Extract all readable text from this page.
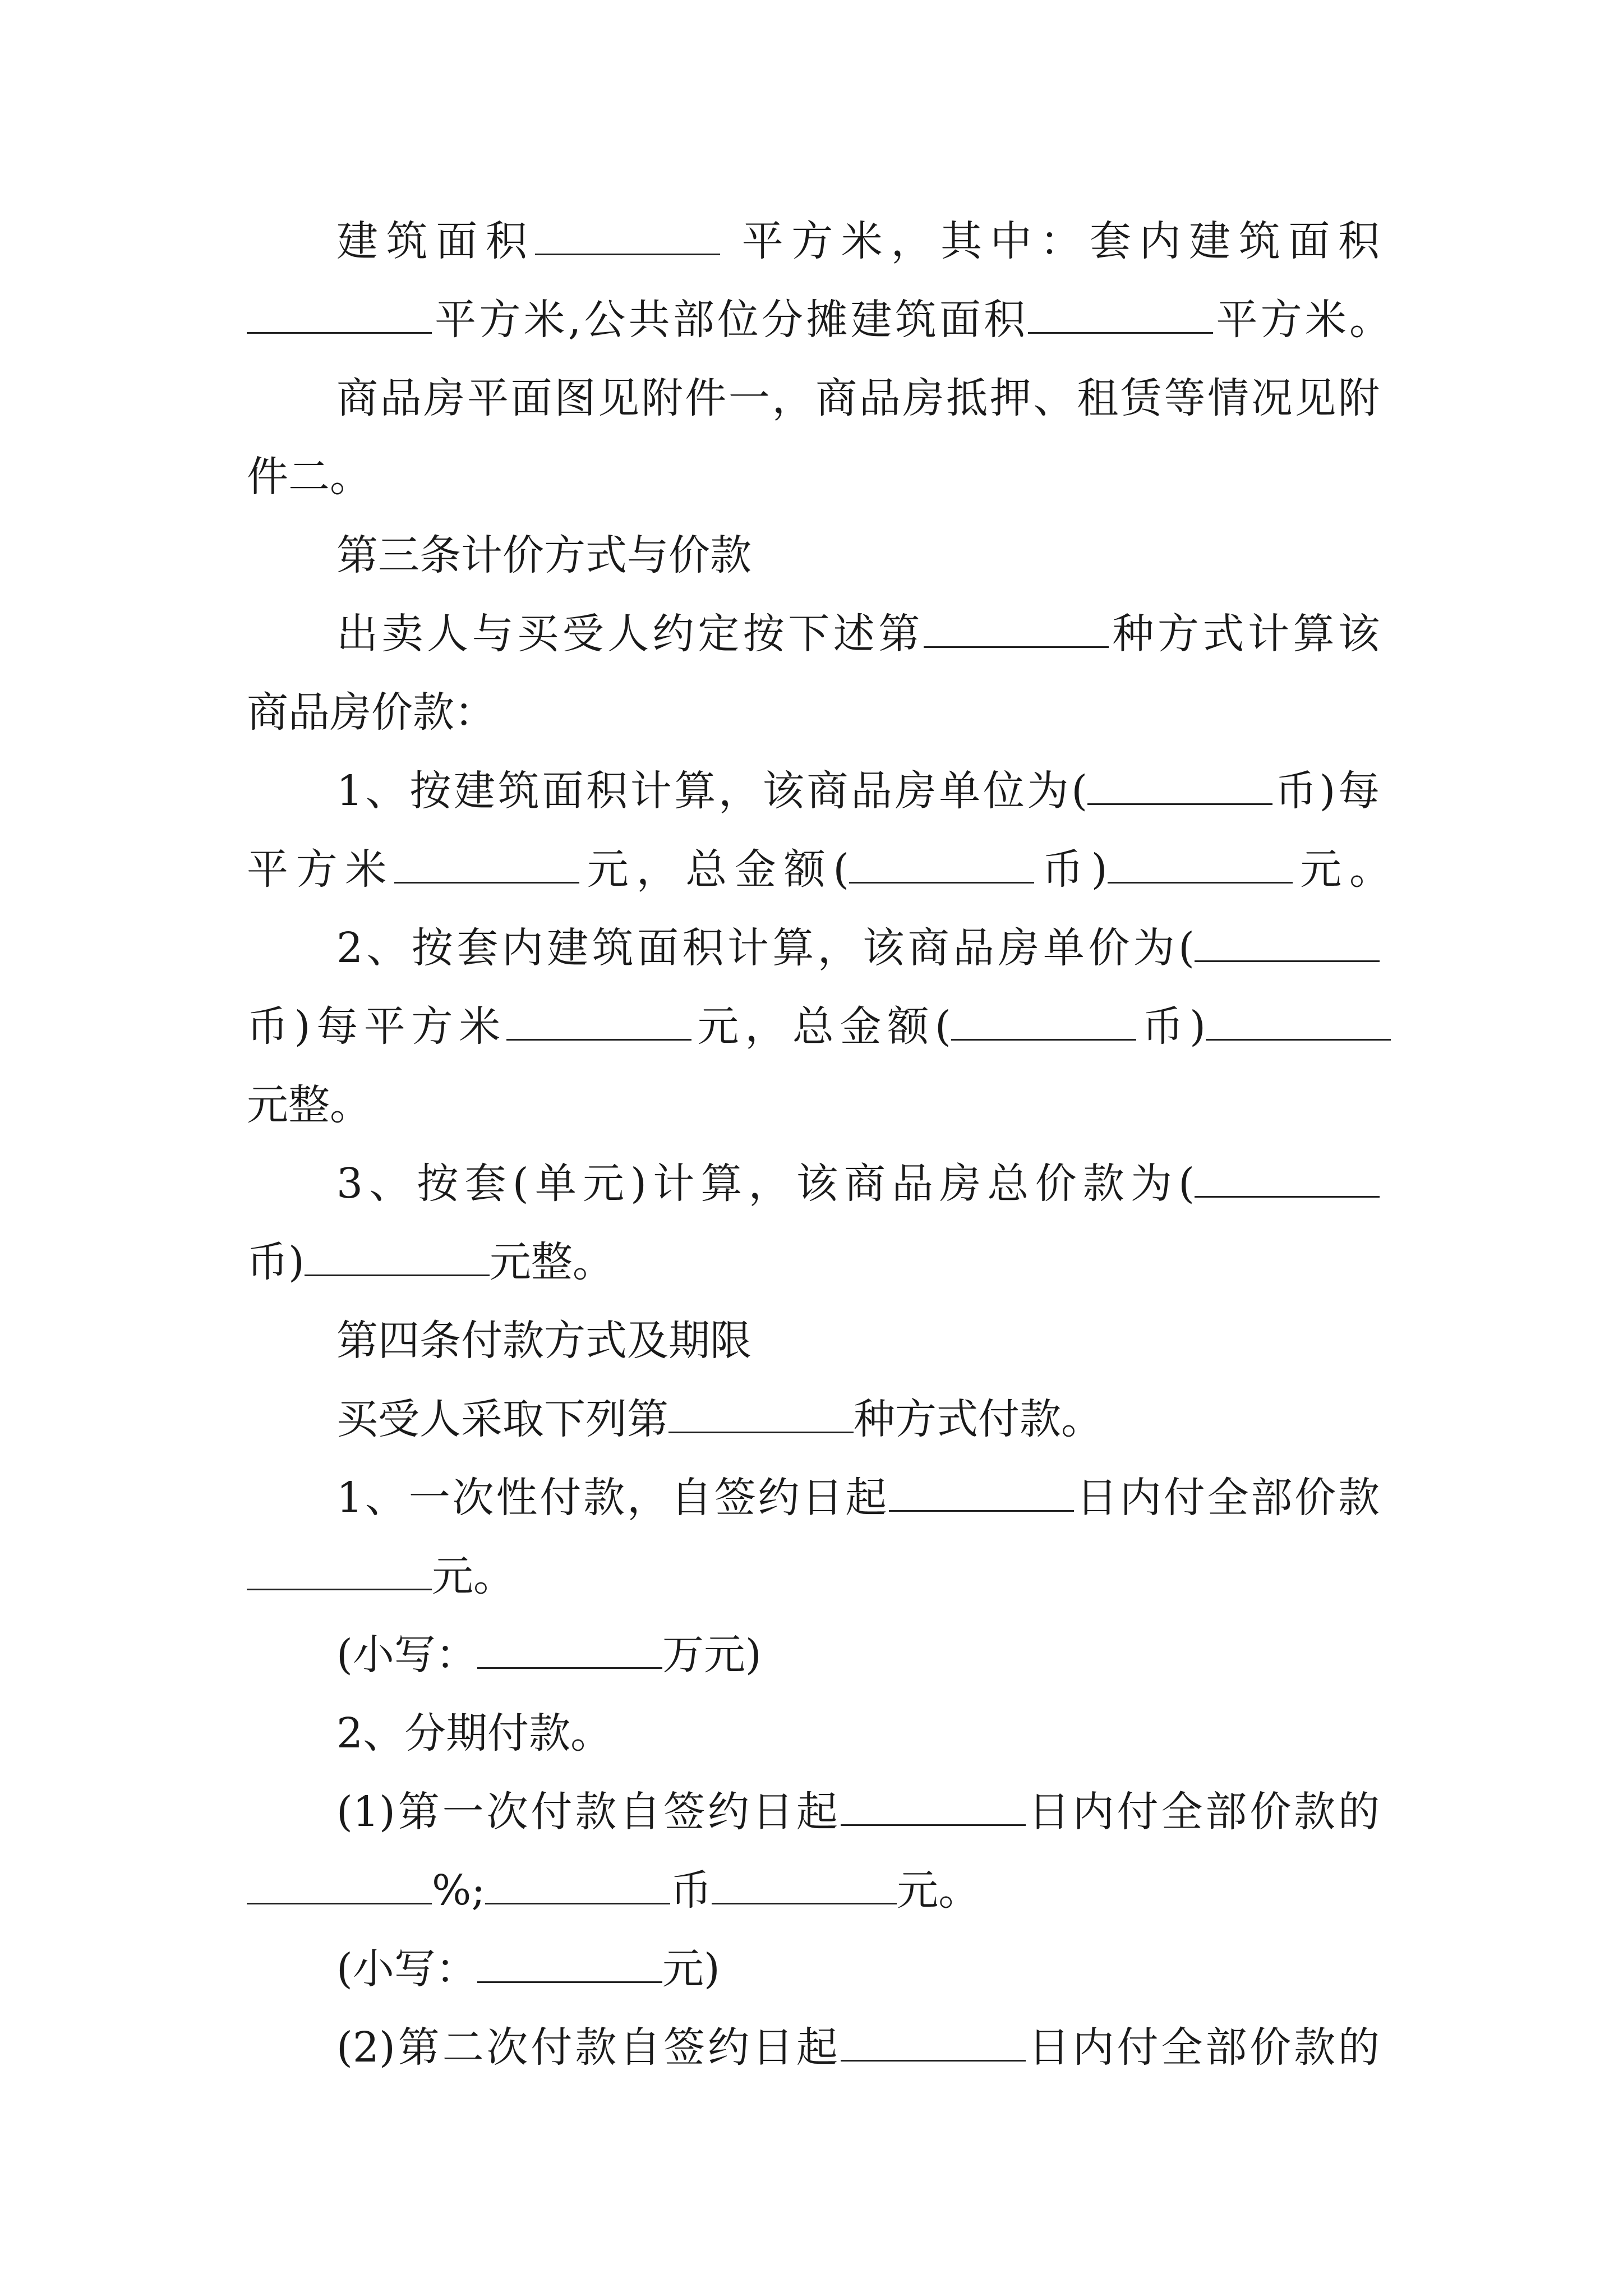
建筑面积	平方米，其中：套内建筑面积
平方米,公共部位分摊建筑面积	平方米。
商品房平面图见附件一，商品房抵押、租赁等情况见附
件二。
第三条计价方式与价款
出卖人与买受人约定按下述第	种方式计算该
商品房价款：
1、按建筑面积计算，该商品房单位为(	币)每
平方米	元，总金额(	币)	元。
2、按套内建筑面积计算，该商品房单价为(
币)每平方米	元，总金额(	币)
元整。
3、按套(单元)计算，该商品房总价款为(
币)	元整。
第四条付款方式及期限
买受人采取下列第	种方式付款。
1、一次性付款，自签约日起	日内付全部价款
元。
(小写：	万元)
2、分期付款。
(1)第一次付款自签约日起	日内付全部价款的
%;	币	元。
(小写：	元)
(2)第二次付款自签约日起	日内付全部价款的
